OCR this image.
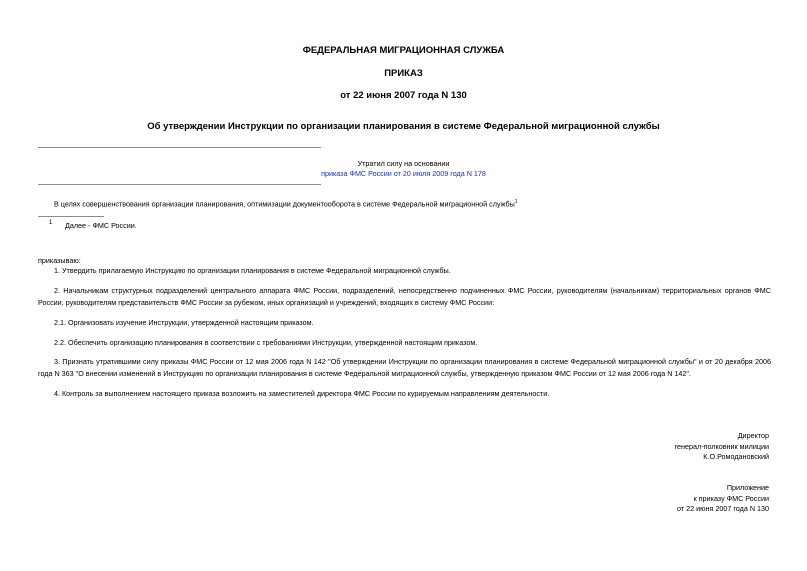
ФЕДЕРАЛЬНАЯ МИГРАЦИОННАЯ СЛУЖБА
ПРИКАЗ
от 22 июня 2007 года N 130
Об утверждении Инструкции по организации планирования в системе Федеральной миграционной службы
Утратил силу на основании
приказа ФМС России от 20 июля 2009 года N 178
В целях совершенствования организации планирования, оптимизации документооборота в системе Федеральной миграционной службы$^1$
1 Далее - ФМС России.
приказываю:
1. Утвердить прилагаемую Инструкцию по организации планирования в системе Федеральной миграционной службы.
2. Начальникам структурных подразделений центрального аппарата ФМС России, подразделений, непосредственно подчиненных ФМС России, руководителям (начальникам) территориальных органов ФМС России, руководителям представительств ФМС России за рубежом, иных организаций и учреждений, входящих в систему ФМС России:
2.1. Организовать изучение Инструкции, утвержденной настоящим приказом.
2.2. Обеспечить организацию планирования в соответствии с требованиями Инструкции, утвержденной настоящим приказом.
3. Признать утратившими силу приказы ФМС России от 12 мая 2006 года N 142 "Об утверждении Инструкции по организации планирования в системе Федеральной миграционной службы" и от 20 декабря 2006 года N 363 "О внесении изменений в Инструкцию по организации планирования в системе Федеральной миграционной службы, утвержденную приказом ФМС России от 12 мая 2006 года N 142".
4. Контроль за выполнением настоящего приказа возложить на заместителей директора ФМС России по курируемым направлениям деятельности.
Директор
генерал-полковник милиции
К.О.Ромодановский
Приложение
к приказу ФМС России
от 22 июня 2007 года N 130
